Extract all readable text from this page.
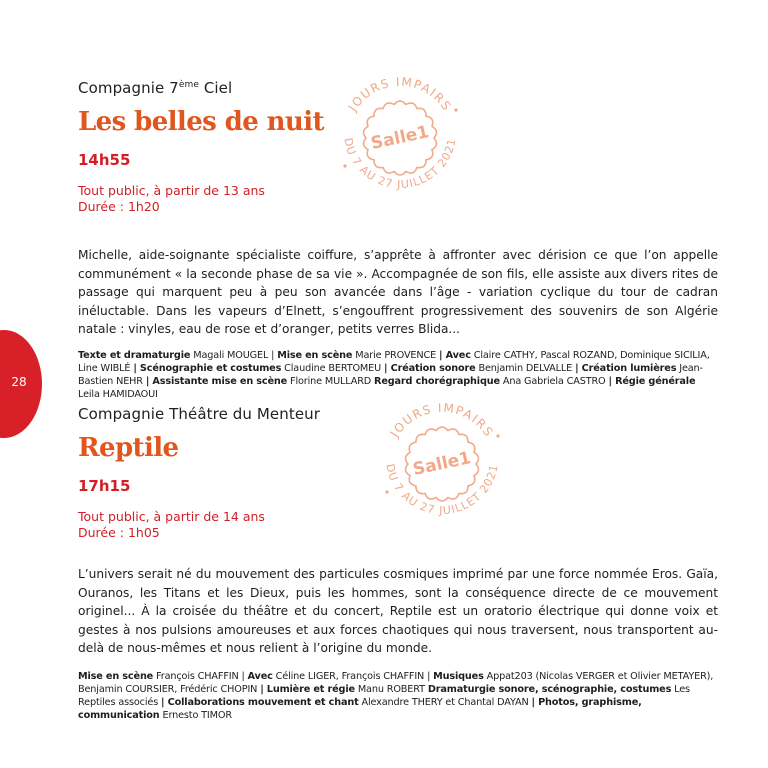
28
Compagnie 7ème Ciel
Les belles de nuit
14h55
Tout public, à partir de 13 ans
Durée : 1h20
Michelle, aide-soignante spécialiste coiffure, s’apprête à affronter avec dérision ce que l’on appelle communément « la seconde phase de sa vie ». Accompagnée de son fils, elle assiste aux divers rites de passage qui marquent peu à peu son avancée dans l’âge - variation cyclique du tour de cadran inéluctable. Dans les vapeurs d’Elnett, s’engouffrent progressivement des souvenirs de son Algérie natale : vinyles, eau de rose et d’oranger, petits verres Blida...
Texte et dramaturgie Magali MOUGEL | Mise en scène Marie PROVENCE | Avec Claire CATHY, Pascal ROZAND, Dominique SICILIA, Line WIBLÉ | Scénographie et costumes Claudine BERTOMEU | Création sonore Benjamin DELVALLE | Création lumières Jean-Bastien NEHR | Assistante mise en scène Florine MULLARD Regard chorégraphique Ana Gabriela CASTRO | Régie générale Leila HAMIDAOUI
Compagnie Théâtre du Menteur
Reptile
17h15
Tout public, à partir de 14 ans
Durée : 1h05
L’univers serait né du mouvement des particules cosmiques imprimé par une force nommée Eros. Gaïa, Ouranos, les Titans et les Dieux, puis les hommes, sont la conséquence directe de ce mouvement originel... À la croisée du théâtre et du concert, Reptile est un oratorio électrique qui donne voix et gestes à nos pulsions amoureuses et aux forces chaotiques qui nous traversent, nous transportent au-delà de nous-mêmes et nous relient à l’origine du monde.
Mise en scène François CHAFFIN | Avec Céline LIGER, François CHAFFIN | Musiques Appat203 (Nicolas VERGER et Olivier METAYER), Benjamin COURSIER, Frédéric CHOPIN | Lumière et régie Manu ROBERT Dramaturgie sonore, scénographie, costumes Les Reptiles associés | Collaborations mouvement et chant Alexandre THERY et Chantal DAYAN | Photos, graphisme, communication Ernesto TIMOR
JOURS IMPAIRS
DU 7 AU 27 JUILLET 2021
Salle1
JOURS IMPAIRS
DU 7 AU 27 JUILLET 2021
Salle1
